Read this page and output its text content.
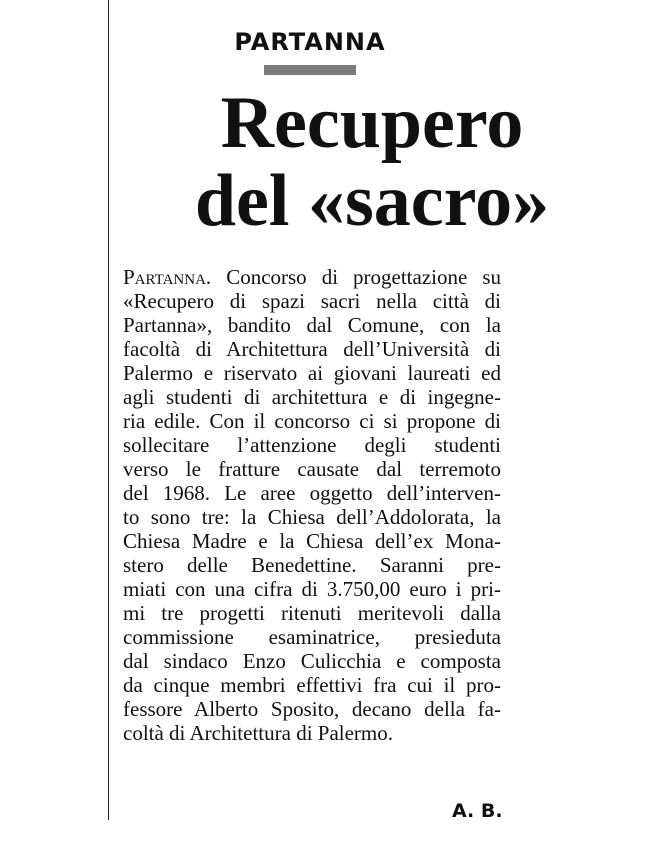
PARTANNA
Recupero
del «sacro»
Partanna. Concorso di progettazione su
«Recupero di spazi sacri nella città di
Partanna», bandito dal Comune, con la
facoltà di Architettura dell’Università di
Palermo e riservato ai giovani laureati ed
agli studenti di architettura e di ingegne-
ria edile. Con il concorso ci si propone di
sollecitare l’attenzione degli studenti
verso le fratture causate dal terremoto
del 1968. Le aree oggetto dell’interven-
to sono tre: la Chiesa dell’Addolorata, la
Chiesa Madre e la Chiesa dell’ex Mona-
stero delle Benedettine. Saranni pre-
miati con una cifra di 3.750,00 euro i pri-
mi tre progetti ritenuti meritevoli dalla
commissione esaminatrice, presieduta
dal sindaco Enzo Culicchia e composta
da cinque membri effettivi fra cui il pro-
fessore Alberto Sposito, decano della fa-
coltà di Architettura di Palermo.
A. B.
